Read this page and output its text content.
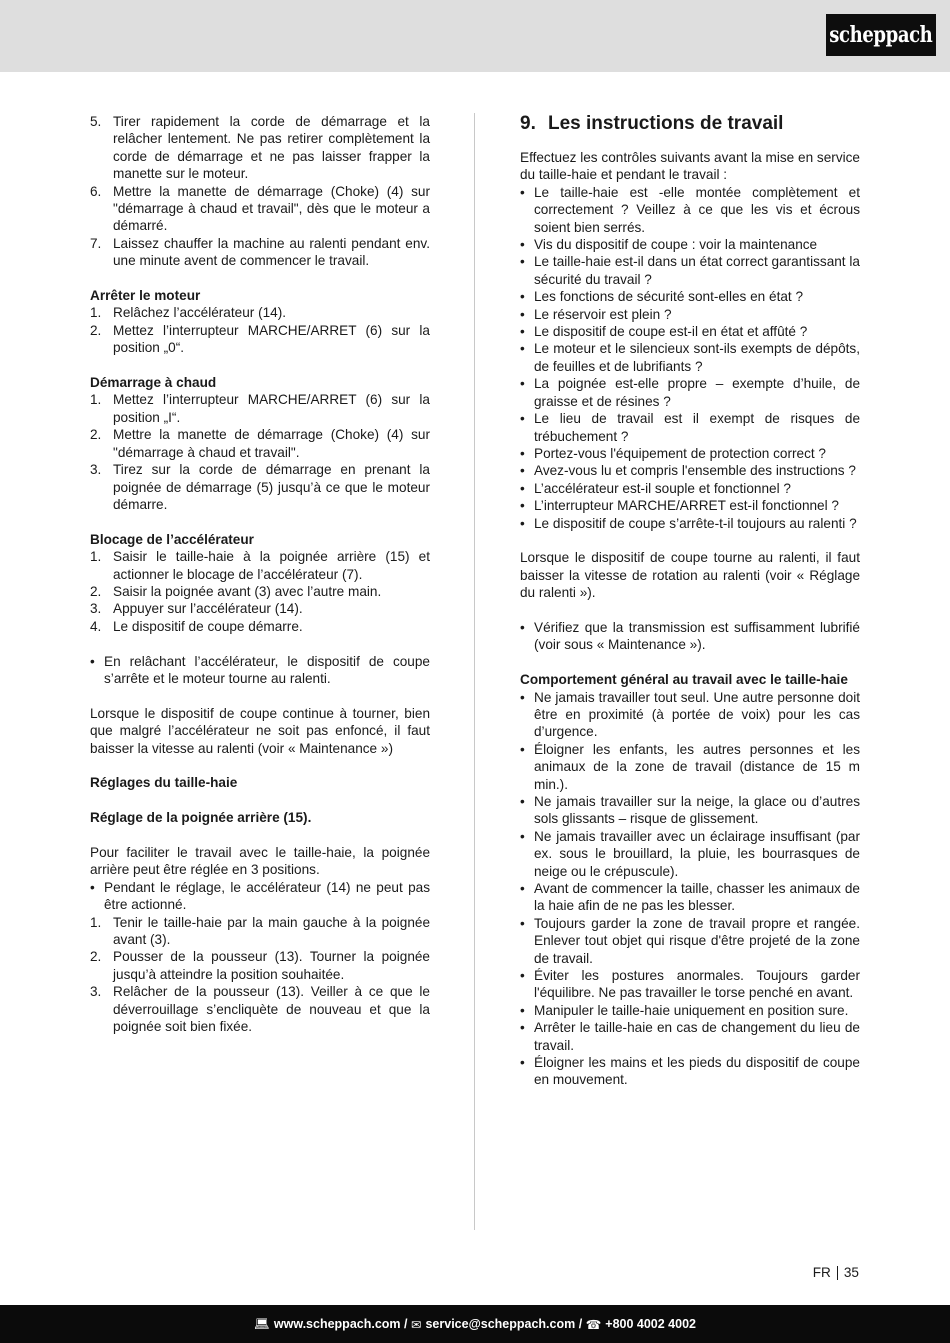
scheppach
5. Tirer rapidement la corde de démarrage et la relâcher lentement. Ne pas retirer complètement la corde de démarrage et ne pas laisser frapper la manette sur le moteur.
6. Mettre la manette de démarrage (Choke) (4) sur "démarrage à chaud et travail", dès que le moteur a démarré.
7. Laissez chauffer la machine au ralenti pendant env. une minute avent de commencer le travail.
Arrêter le moteur
1. Relâchez l’accélérateur (14).
2. Mettez l’interrupteur MARCHE/ARRET (6) sur la position „0“.
Démarrage à chaud
1. Mettez l’interrupteur MARCHE/ARRET (6) sur la position „I“.
2. Mettre la manette de démarrage (Choke) (4) sur "démarrage à chaud et travail".
3. Tirez sur la corde de démarrage en prenant la poignée de démarrage (5) jusqu’à ce que le moteur démarre.
Blocage de l’accélérateur
1. Saisir le taille-haie à la poignée arrière (15) et actionner le blocage de l’accélérateur (7).
2. Saisir la poignée avant (3) avec l’autre main.
3. Appuyer sur l’accélérateur (14).
4. Le dispositif de coupe démarre.
• En relâchant l’accélérateur, le dispositif de coupe s’arrête et le moteur tourne au ralenti.

Lorsque le dispositif de coupe continue à tourner, bien que malgré l’accélérateur ne soit pas enfoncé, il faut baisser la vitesse au ralenti (voir « Maintenance »)

Réglages du taille-haie
Réglage de la poignée arrière (15).

Pour faciliter le travail avec le taille-haie, la poignée arrière peut être réglée en 3 positions.

• Pendant le réglage, le accélérateur (14) ne peut pas être actionné.
1. Tenir le taille-haie par la main gauche à la poignée avant (3).
2. Pousser de la pousseur (13). Tourner la poignée jusqu’à atteindre la position souhaitée.
3. Relâcher de la pousseur (13). Veiller à ce que le déverrouillage s’encliquète de nouveau et que la poignée soit bien fixée.
9. Les instructions de travail

Effectuez les contrôles suivants avant la mise en service du taille-haie et pendant le travail :

• Le taille-haie est -elle montée complètement et correctement ? Veillez à ce que les vis et écrous soient bien serrés.
• Vis du dispositif de coupe : voir la maintenance
• Le taille-haie est-il dans un état correct garantissant la sécurité du travail ?
• Les fonctions de sécurité sont-elles en état ?
• Le réservoir est plein ?
• Le dispositif de coupe est-il en état et affûté ?
• Le moteur et le silencieux sont-ils exempts de dépôts, de feuilles et de lubrifiants ?
• La poignée est-elle propre – exempte d’huile, de graisse et de résines ?
• Le lieu de travail est il exempt de risques de trébuchement ?
• Portez-vous l'équipement de protection correct ?
• Avez-vous lu et compris l'ensemble des instructions ?
• L’accélérateur est-il souple et fonctionnel ?
• L’interrupteur MARCHE/ARRET est-il fonctionnel ?
• Le dispositif de coupe s’arrête-t-il toujours au ralenti ?

Lorsque le dispositif de coupe tourne au ralenti, il faut baisser la vitesse de rotation au ralenti (voir « Réglage du ralenti »).

• Vérifiez que la transmission est suffisamment lubrifié (voir sous « Maintenance »).
Comportement général au travail avec le taille-haie
• Ne jamais travailler tout seul. Une autre personne doit être en proximité (à portée de voix) pour les cas d’urgence.
• Éloigner les enfants, les autres personnes et les animaux de la zone de travail (distance de 15 m min.).
• Ne jamais travailler sur la neige, la glace ou d’autres sols glissants – risque de glissement.
• Ne jamais travailler avec un éclairage insuffisant (par ex. sous le brouillard, la pluie, les bourrasques de neige ou le crépuscule).
• Avant de commencer la taille, chasser les animaux de la haie afin de ne pas les blesser.
• Toujours garder la zone de travail propre et rangée. Enlever tout objet qui risque d'être projeté de la zone de travail.
• Éviter les postures anormales. Toujours garder l'équilibre. Ne pas travailler le torse penché en avant.
• Manipuler le taille-haie uniquement en position sure.
• Arrêter le taille-haie en cas de changement du lieu de travail.
• Éloigner les mains et les pieds du dispositif de coupe en mouvement.
FR 35
💻︎ www.scheppach.com
/
✉︎ service@scheppach.com
/
☎︎ +800 4002 4002
